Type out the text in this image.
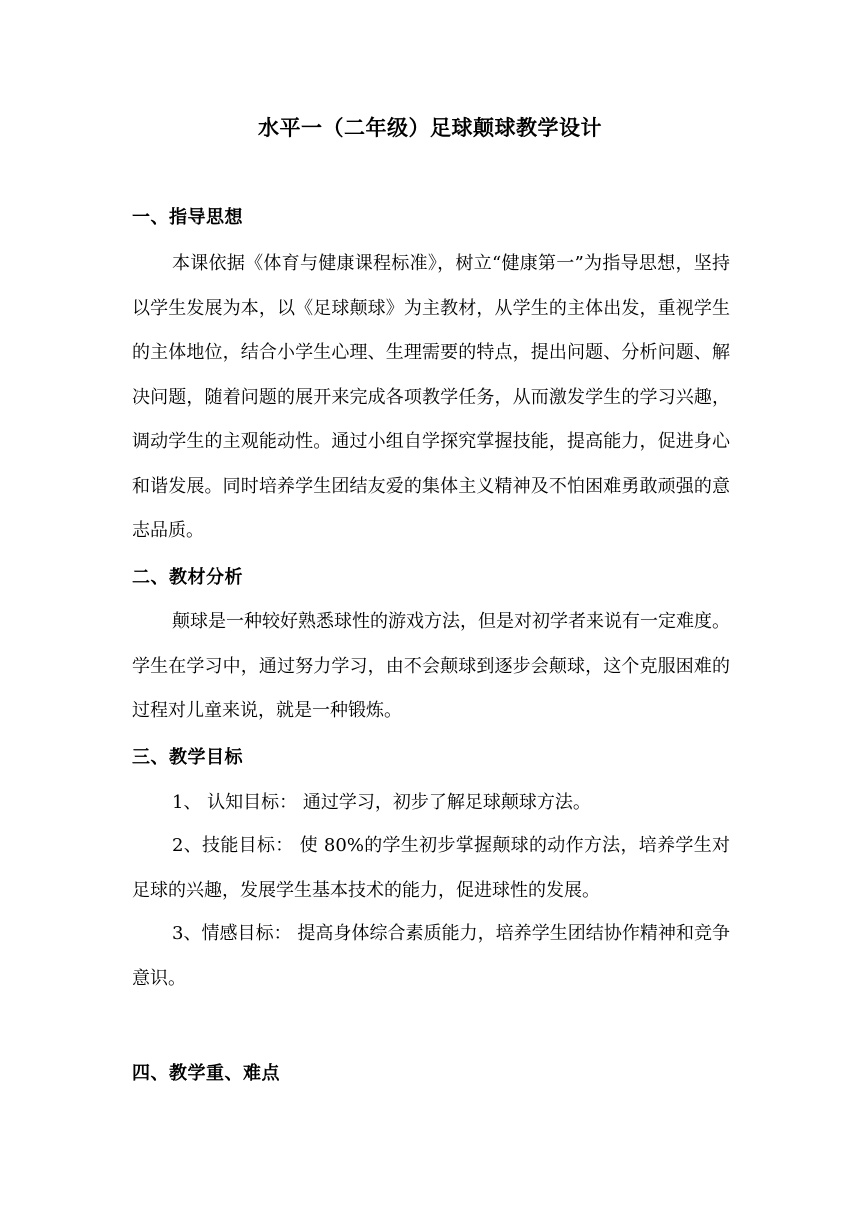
水平一（二年级）足球颠球教学设计
一、指导思想

本课依据《体育与健康课程标准》，树立“健康第一”为指导思想，坚持以学生发展为本，以《足球颠球》为主教材，从学生的主体出发，重视学生的主体地位，结合小学生心理、生理需要的特点，提出问题、分析问题、解决问题，随着问题的展开来完成各项教学任务，从而激发学生的学习兴趣，调动学生的主观能动性。通过小组自学探究掌握技能，提高能力，促进身心和谐发展。同时培养学生团结友爱的集体主义精神及不怕困难勇敢顽强的意志品质。

二、教材分析

颠球是一种较好熟悉球性的游戏方法，但是对初学者来说有一定难度。学生在学习中，通过努力学习，由不会颠球到逐步会颠球，这个克服困难的过程对儿童来说，就是一种锻炼。

三、教学目标

1、 认知目标： 通过学习，初步了解足球颠球方法。

2、技能目标： 使 80%的学生初步掌握颠球的动作方法，培养学生对足球的兴趣，发展学生基本技术的能力，促进球性的发展。

3、情感目标： 提高身体综合素质能力，培养学生团结协作精神和竞争意识。

四、教学重、难点
